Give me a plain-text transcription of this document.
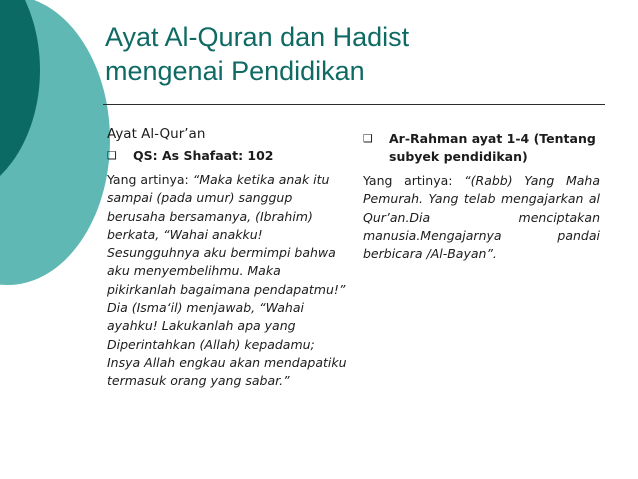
Ayat Al-Quran dan Hadist
mengenai Pendidikan
Ayat Al-Qur’an
❑	QS: As Shafaat: 102
Yang artinya: “Maka ketika anak itu sampai (pada umur) sanggup berusaha bersamanya, (Ibrahim) berkata, “Wahai anakku! Sesungguhnya aku bermimpi bahwa aku menyembelihmu. Maka pikirkanlah bagaimana pendapatmu!” Dia (Isma‘il) menjawab, “Wahai ayahku! Lakukanlah apa yang Diperintahkan (Allah) kepadamu; Insya Allah engkau akan mendapatiku termasuk orang yang sabar.”
❑	Ar-Rahman ayat 1-4 (Tentang subyek pendidikan)
Yang artinya: “(Rabb) Yang Maha Pemurah. Yang telab mengajarkan al Qur’an.Dia menciptakan manusia.Mengajarnya pandai berbicara /Al-Bayan”.
